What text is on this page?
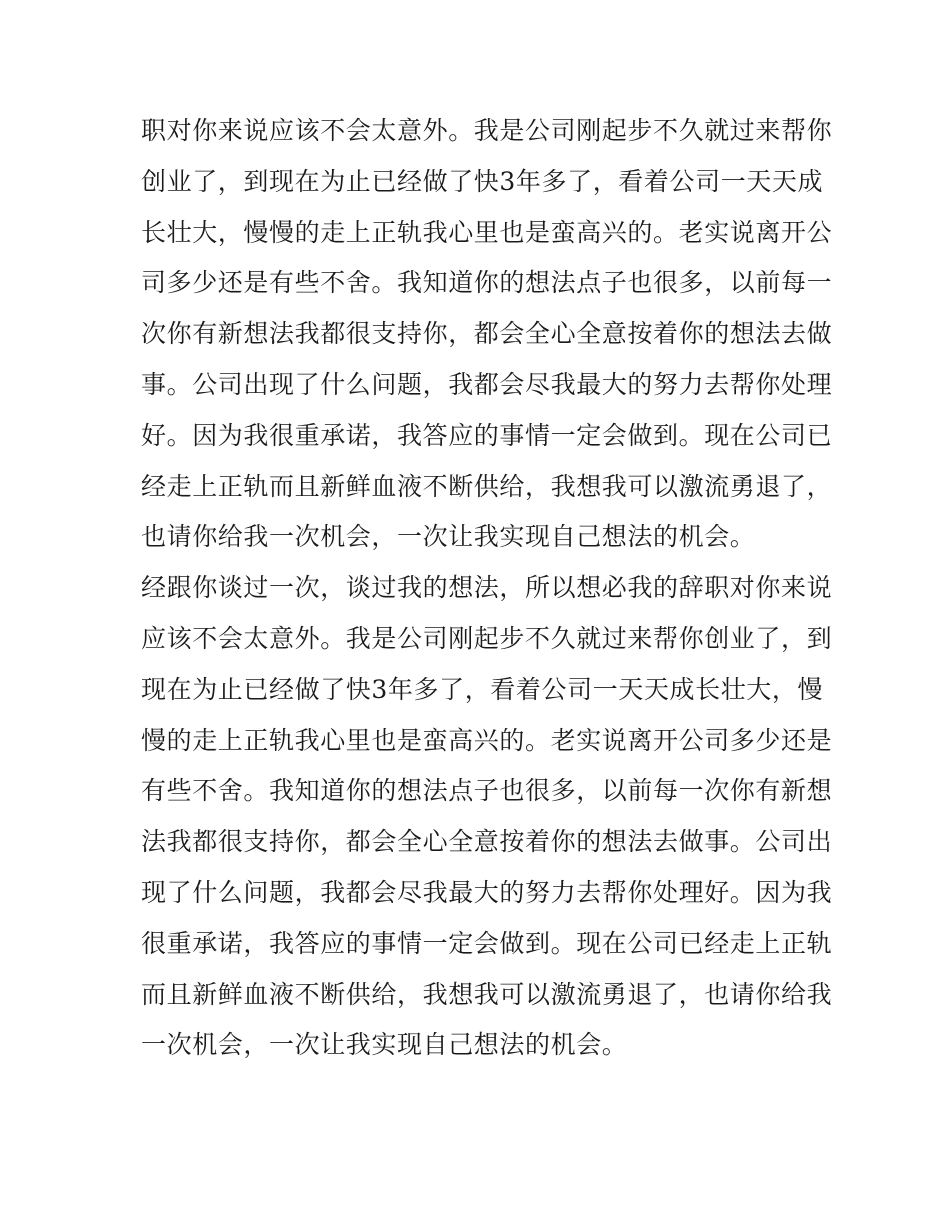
职对你来说应该不会太意外。我是公司刚起步不久就过来帮你
创业了，到现在为止已经做了快3年多了，看着公司一天天成
长壮大，慢慢的走上正轨我心里也是蛮高兴的。老实说离开公
司多少还是有些不舍。我知道你的想法点子也很多，以前每一
次你有新想法我都很支持你，都会全心全意按着你的想法去做
事。公司出现了什么问题，我都会尽我最大的努力去帮你处理
好。因为我很重承诺，我答应的事情一定会做到。现在公司已
经走上正轨而且新鲜血液不断供给，我想我可以激流勇退了，
也请你给我一次机会，一次让我实现自己想法的机会。
经跟你谈过一次，谈过我的想法，所以想必我的辞职对你来说
应该不会太意外。我是公司刚起步不久就过来帮你创业了，到
现在为止已经做了快3年多了，看着公司一天天成长壮大，慢
慢的走上正轨我心里也是蛮高兴的。老实说离开公司多少还是
有些不舍。我知道你的想法点子也很多，以前每一次你有新想
法我都很支持你，都会全心全意按着你的想法去做事。公司出
现了什么问题，我都会尽我最大的努力去帮你处理好。因为我
很重承诺，我答应的事情一定会做到。现在公司已经走上正轨
而且新鲜血液不断供给，我想我可以激流勇退了，也请你给我
一次机会，一次让我实现自己想法的机会。
